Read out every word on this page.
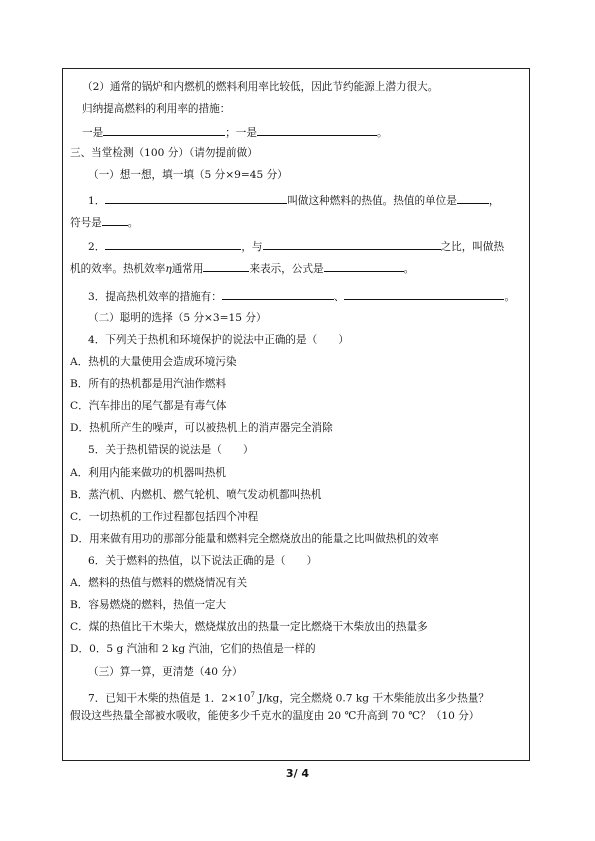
（2）通常的锅炉和内燃机的燃料利用率比较低，因此节约能源上潜力很大。
归纳提高燃料的利用率的措施：
一是	；一是	。
三、当堂检测（100 分）（请勿提前做）
（一）想一想，填一填（5 分×9=45 分）
1．	叫做这种燃料的热值。热值的单位是	，
符号是 。
2．	，与	之比，叫做热
机的效率。热机效率η通常用	来表示，公式是	。
3．提高热机效率的措施有：	、	。
（二）聪明的选择（5 分×3=15 分）
4．下列关于热机和环境保护的说法中正确的是（　　）
A．热机的大量使用会造成环境污染
B．所有的热机都是用汽油作燃料
C．汽车排出的尾气都是有毒气体
D．热机所产生的噪声，可以被热机上的消声器完全消除
5．关于热机错误的说法是（　　）
A．利用内能来做功的机器叫热机
B．蒸汽机、内燃机、燃气轮机、喷气发动机都叫热机
C．一切热机的工作过程都包括四个冲程
D．用来做有用功的那部分能量和燃料完全燃烧放出的能量之比叫做热机的效率
6．关于燃料的热值，以下说法正确的是（　　）
A．燃料的热值与燃料的燃烧情况有关
B．容易燃烧的燃料，热值一定大
C．煤的热值比干木柴大，燃烧煤放出的热量一定比燃烧干木柴放出的热量多
D．0．5 g 汽油和 2 kg 汽油，它们的热值是一样的
（三）算一算，更清楚（40 分）
7．已知干木柴的热值是 1．$2\times 10^7$ J/kg，完全燃烧 0.7 kg 干木柴能放出多少热量？
假设这些热量全部被水吸收，能使多少千克水的温度由 20 ℃升高到 70 ℃？（10 分）
3/ 4
